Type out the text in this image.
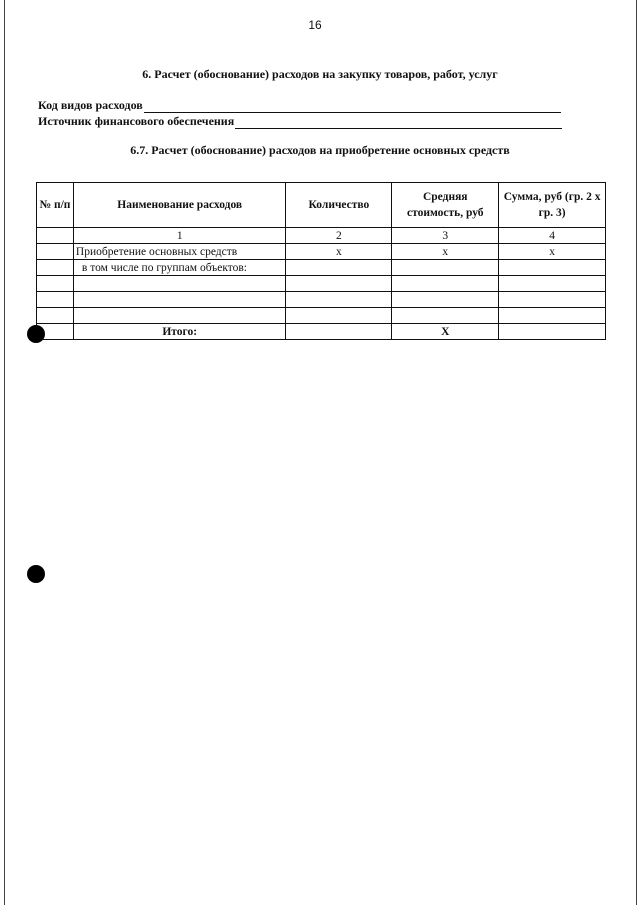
16
6. Расчет (обоснование) расходов на закупку товаров, работ, услуг
Код видов расходов
Источник финансового обеспечения
6.7. Расчет (обоснование) расходов на приобретение основных средств
№ п/п	Наименование расходов	Количество	Средняя стоимость, руб	Сумма, руб (гр. 2 х гр. 3)
	1	2	3	4
	Приобретение основных средств	х	х	х
	в том числе по группам объектов:			

	Итого:		Х	
